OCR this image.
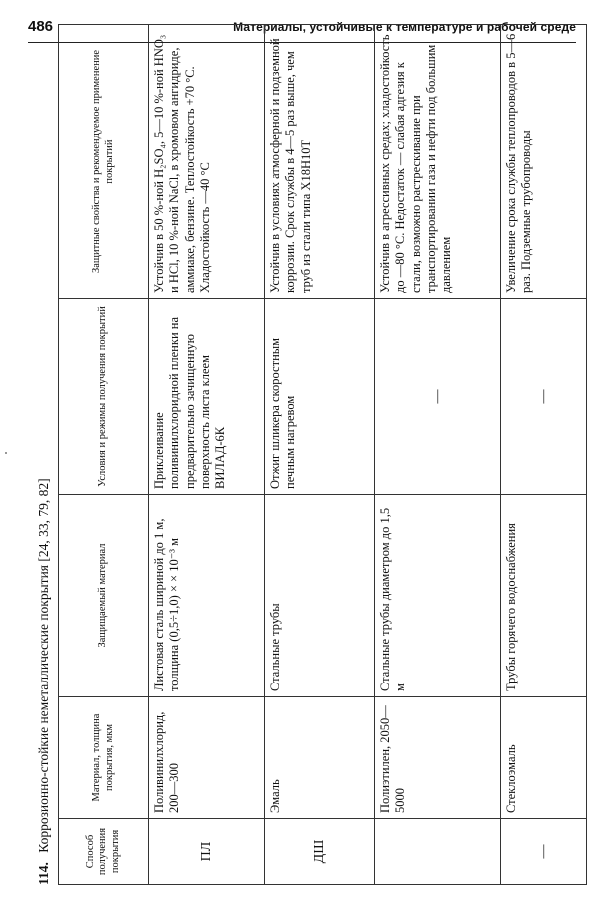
486	Материалы, устойчивые к температуре и рабочей среде
114. Коррозионно-стойкие неметаллические покрытия [24, 33, 79, 82]	Способ получения покрытия	Материал, толщина покрытия, мкм	Защищаемый материал	Условия и режимы получения покрытий	Защитные свойства и рекомендуемое применение покрытий
ПЛ	Поливинилхлорид, 200—300	Листовая сталь шириной до 1 м, толщина (0,5÷1,0) × × 10⁻³ м	Приклеивание поливинилхлоридной пленки на предварительно зачищенную поверхность листа клеем ВИЛАД-6К	Устойчив в 50 %-ной H₂SO₄, 5—10 %-ной HNO₃ и HCl, 10 %-ной NaCl, в хромовом ангидриде, аммиаке, бензине. Теплостойкость +70 °С. Хладостойкость —40 °С
ДШ	Эмаль	Стальные трубы	Отжиг шликера скоростным печным нагревом	Устойчив в условиях атмосферной и подземной коррозии. Срок службы в 4—5 раз выше, чем труб из стали типа Х18Н10Т
	Полиэтилен, 2050—5000	Стальные трубы диаметром до 1,5 м	—	Устойчив в агрессивных средах; хладостойкость до —80 °С. Недостаток — слабая адгезия к стали, возможно растрескивание при транспортировании газа и нефти под большим давлением
—	Стеклоэмаль	Трубы горячего водоснабжения	—	Увеличение срока службы теплопроводов в 5—6 раз. Подземные трубопроводы
